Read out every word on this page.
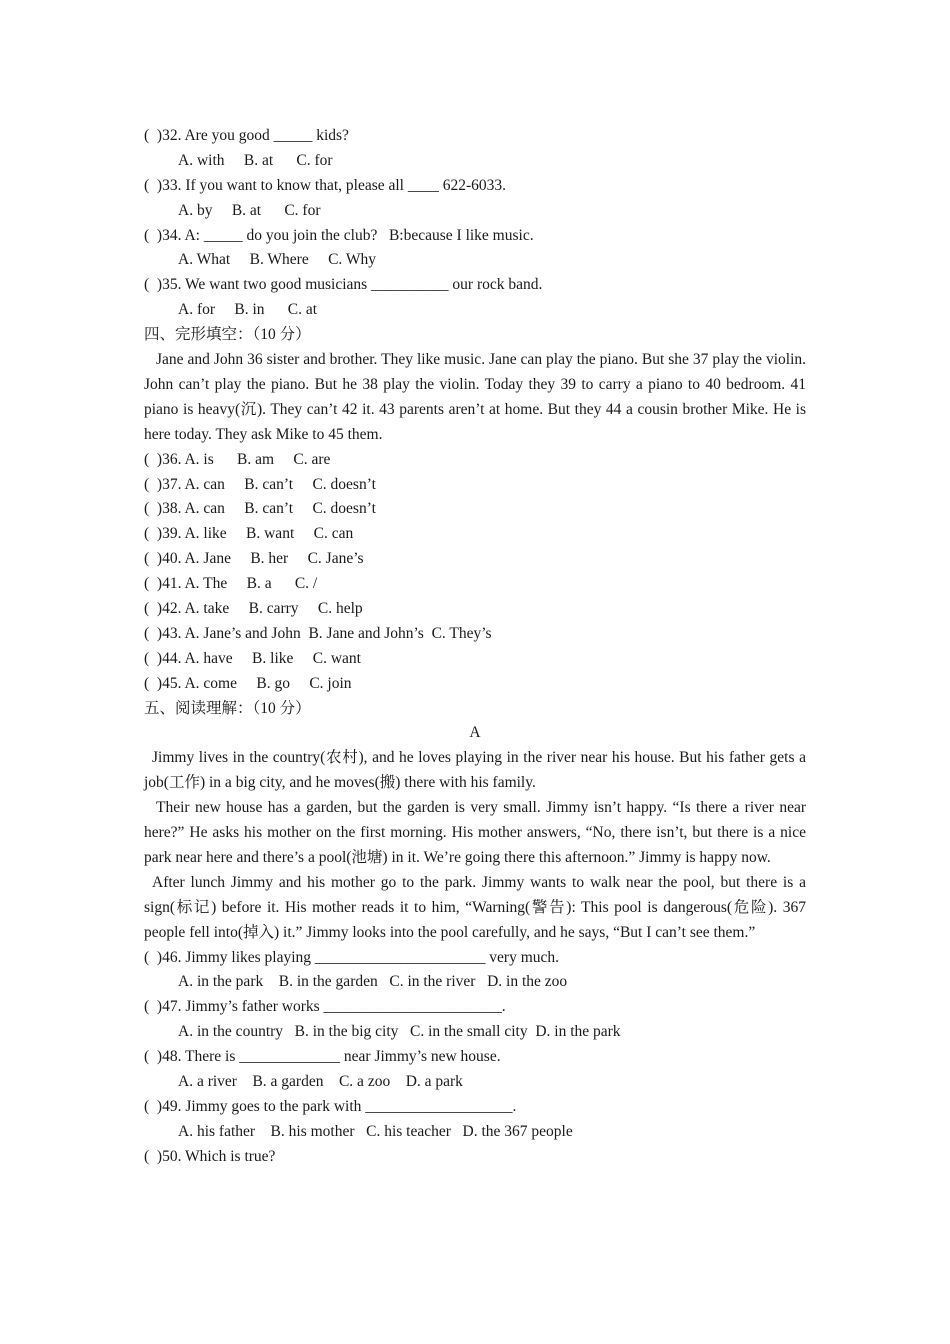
(  )32. Are you good _____ kids?
A. with     B. at      C. for
(  )33. If you want to know that, please all ____ 622-6033.
A. by     B. at      C. for
(  )34. A: _____ do you join the club?   B:because I like music.
A. What     B. Where     C. Why
(  )35. We want two good musicians __________ our rock band.
A. for     B. in      C. at
四、完形填空：（10 分）
Jane and John 36 sister and brother. They like music. Jane can play the piano. But she 37 play the violin. John can’t play the piano. But he 38 play the violin. Today they 39 to carry a piano to 40 bedroom. 41 piano is heavy(沉). They can’t 42 it. 43 parents aren’t at home. But they 44 a cousin brother Mike. He is here today. They ask Mike to 45 them.
(  )36. A. is      B. am     C. are
(  )37. A. can     B. can’t     C. doesn’t
(  )38. A. can     B. can’t     C. doesn’t
(  )39. A. like     B. want     C. can
(  )40. A. Jane     B. her     C. Jane’s
(  )41. A. The     B. a      C. /
(  )42. A. take     B. carry     C. help
(  )43. A. Jane’s and John  B. Jane and John’s  C. They’s
(  )44. A. have     B. like     C. want
(  )45. A. come     B. go     C. join
五、阅读理解：（10 分）
A
Jimmy lives in the country(农村), and he loves playing in the river near his house. But his father gets a job(工作) in a big city, and he moves(搬) there with his family.
Their new house has a garden, but the garden is very small. Jimmy isn’t happy. “Is there a river near here?” He asks his mother on the first morning. His mother answers, “No, there isn’t, but there is a nice park near here and there’s a pool(池塘) in it. We’re going there this afternoon.” Jimmy is happy now.
After lunch Jimmy and his mother go to the park. Jimmy wants to walk near the pool, but there is a sign(标记) before it. His mother reads it to him, “Warning(警告): This pool is dangerous(危险). 367 people fell into(掉入) it.” Jimmy looks into the pool carefully, and he says, “But I can’t see them.”
(  )46. Jimmy likes playing ______________________ very much.
A. in the park    B. in the garden   C. in the river   D. in the zoo
(  )47. Jimmy’s father works _______________________.
A. in the country   B. in the big city   C. in the small city  D. in the park
(  )48. There is _____________ near Jimmy’s new house.
A. a river    B. a garden    C. a zoo    D. a park
(  )49. Jimmy goes to the park with ___________________.
A. his father    B. his mother   C. his teacher   D. the 367 people
(  )50. Which is true?
